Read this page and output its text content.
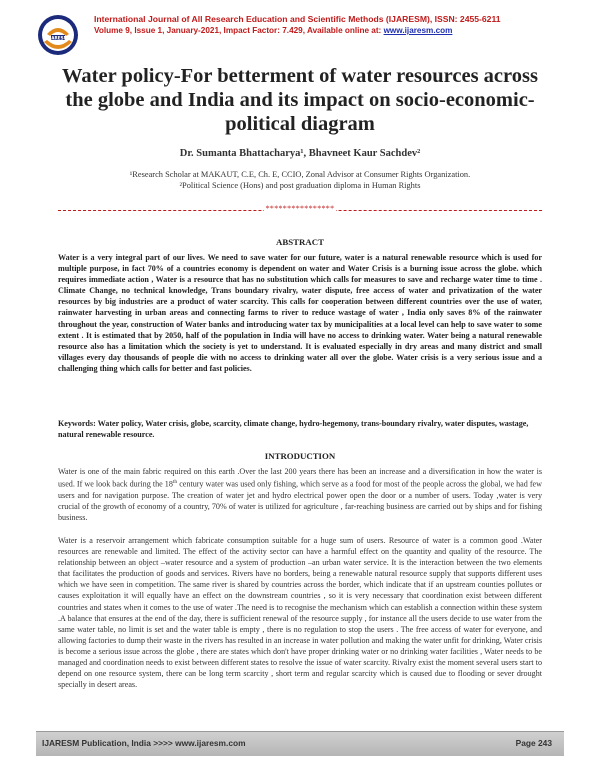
IJARESM
International Journal of All Research Education and Scientific Methods (IJARESM), ISSN: 2455-6211
Volume 9, Issue 1, January-2021, Impact Factor: 7.429, Available online at: www.ijaresm.com
Water policy-For betterment of water resources across the globe and India and its impact on socio-economic-political diagram
Dr. Sumanta Bhattacharya¹, Bhavneet Kaur Sachdev²
¹Research Scholar at MAKAUT, C.E, Ch. E, CCIO, Zonal Advisor at Consumer Rights Organization.
²Political Science (Hons) and post graduation diploma in Human Rights
****************
ABSTRACT
Water is a very integral part of our lives. We need to save water for our future, water is a natural renewable resource which is used for multiple purpose, in fact 70% of a countries economy is dependent on water and Water Crisis is a burning issue across the globe. which requires immediate action , Water is a resource that has no substitution which calls for measures to save and recharge water time to time . Climate Change, no technical knowledge, Trans boundary rivalry, water dispute, free access of water and privatization of the water resources by big industries are a product of water scarcity. This calls for cooperation between different countries over the use of water, rainwater harvesting in urban areas and connecting farms to river to reduce wastage of water , India only saves 8% of the rainwater throughout the year, construction of Water banks and introducing water tax by municipalities at a local level can help to save water to some extent . It is estimated that by 2050, half of the population in India will have no access to drinking water. Water being a natural renewable resource also has a limitation which the society is yet to understand. It is evaluated especially in dry areas and many district and small villages every day thousands of people die with no access to drinking water all over the globe. Water crisis is a very serious issue and a challenging thing which calls for better and fast policies.
Keywords: Water policy, Water crisis, globe, scarcity, climate change, hydro-hegemony, trans-boundary rivalry, water disputes, wastage, natural renewable resource.
INTRODUCTION
Water is one of the main fabric required on this earth .Over the last 200 years there has been an increase and a diversification in how the water is used. If we look back during the 18th century water was used only fishing, which serve as a food for most of the people across the global, we had few users and for navigation purpose. The creation of water jet and hydro electrical power open the door or a number of users. Today ,water is very crucial of the growth of economy of a country, 70% of water is utilized for agriculture , far-reaching business are carried out by ships and for fishing business.
Water is a reservoir arrangement which fabricate consumption suitable for a huge sum of users. Resource of water is a common good .Water resources are renewable and limited. The effect of the activity sector can have a harmful effect on the quantity and quality of the resource. The relationship between an object –water resource and a system of production –an urban water service. It is the interaction between the two elements that facilitates the production of goods and services. Rivers have no borders, being a renewable natural resource supply that supports different uses which we have seen in competition. The same river is shared by countries across the border, which indicate that if an upstream counties pollutes or causes exploitation it will equally have an effect on the downstream countries , so it is very necessary that coordination exist between different countries and states when it comes to the use of water .The need is to recognise the mechanism which can establish a connection within these system .A balance that ensures at the end of the day, there is sufficient renewal of the resource supply , for instance all the users decide to use water from the same water table, no limit is set and the water table is empty , there is no regulation to stop the users . The free access of water for everyone, and allowing factories to dump their waste in the rivers has resulted in an increase in water pollution and making the water unfit for drinking, Water crisis is become a serious issue across the globe , there are states which don't have proper drinking water or no drinking water facilities , Water needs to be managed and coordination needs to exist between different states to resolve the issue of water scarcity. Rivalry exist the moment several users start to depend on one resource system, there can be long term scarcity , short term and regular scarcity which is caused due to flooding or sever drought specially in desert areas.
IJARESM Publication, India >>>> www.ijaresm.com	Page 243
